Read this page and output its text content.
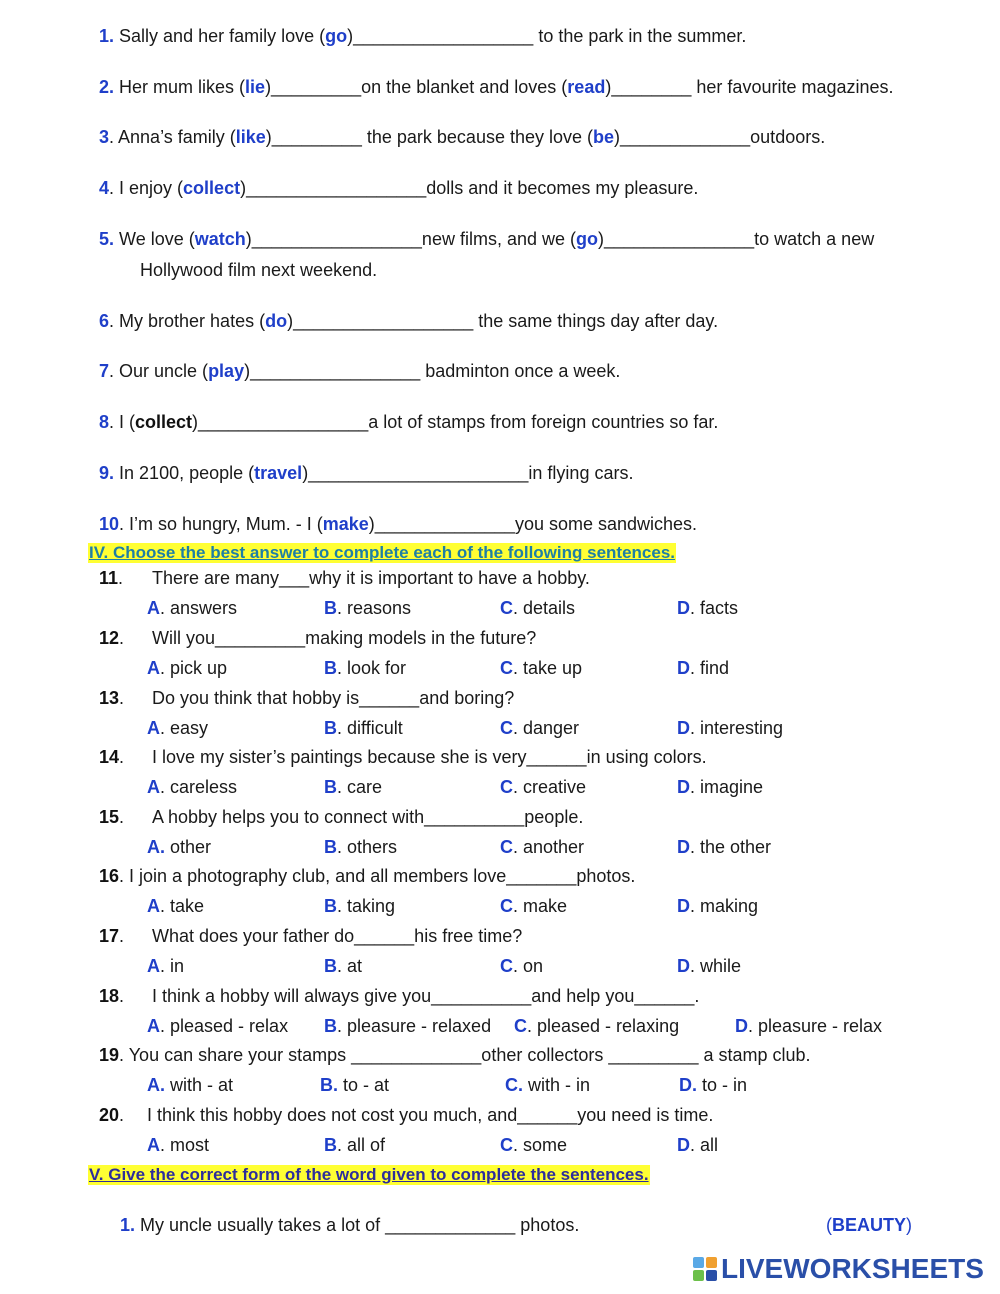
1. Sally and her family love (go)__________________ to the park in the summer.
2. Her mum likes (lie)_________on the blanket and loves (read)________ her favourite magazines.
3. Anna’s family (like)_________ the park because they love (be)_____________outdoors.
4. I enjoy (collect)__________________dolls and it becomes my pleasure.
5. We love (watch)_________________new films, and we (go)_______________to watch a new
Hollywood film next weekend.
6. My brother hates (do)__________________ the same things day after day.
7. Our uncle (play)_________________ badminton once a week.
8. I (collect)_________________a lot of stamps from foreign countries so far.
9. In 2100, people (travel)______________________in flying cars.
10. I’m so hungry, Mum. - I (make)______________you some sandwiches.
IV. Choose the best answer to complete each of the following sentences.
11. There are many___why it is important to have a hobby.
A. answers	B. reasons	C. details	D. facts
12. Will you_________making models in the future?
A. pick up	B. look for	C. take up	D. find
13. Do you think that hobby is______and boring?
A. easy	B. difficult	C. danger	D. interesting
14. I love my sister’s paintings because she is very______in using colors.
A. careless	B. care	C. creative	D. imagine
15. A hobby helps you to connect with__________people.
A. other	B. others	C. another	D. the other
16. I join a photography club, and all members love_______photos.
A. take	B. taking	C. make	D. making
17. What does your father do______his free time?
A. in	B. at	C. on	D. while
18. I think a hobby will always give you__________and help you______.
A. pleased - relax B. pleasure - relaxed C. pleased - relaxing	D. pleasure - relax
19. You can share your stamps _____________other collectors _________ a stamp club.
A. with - at	B. to - at	C. with - in	D. to - in
20. I think this hobby does not cost you much, and______you need is time.
A. most	B. all of	C. some	D. all
V. Give the correct form of the word given to complete the sentences.
1. My uncle usually takes a lot of _____________ photos.	(BEAUTY)
LIVEWORKSHEETS
